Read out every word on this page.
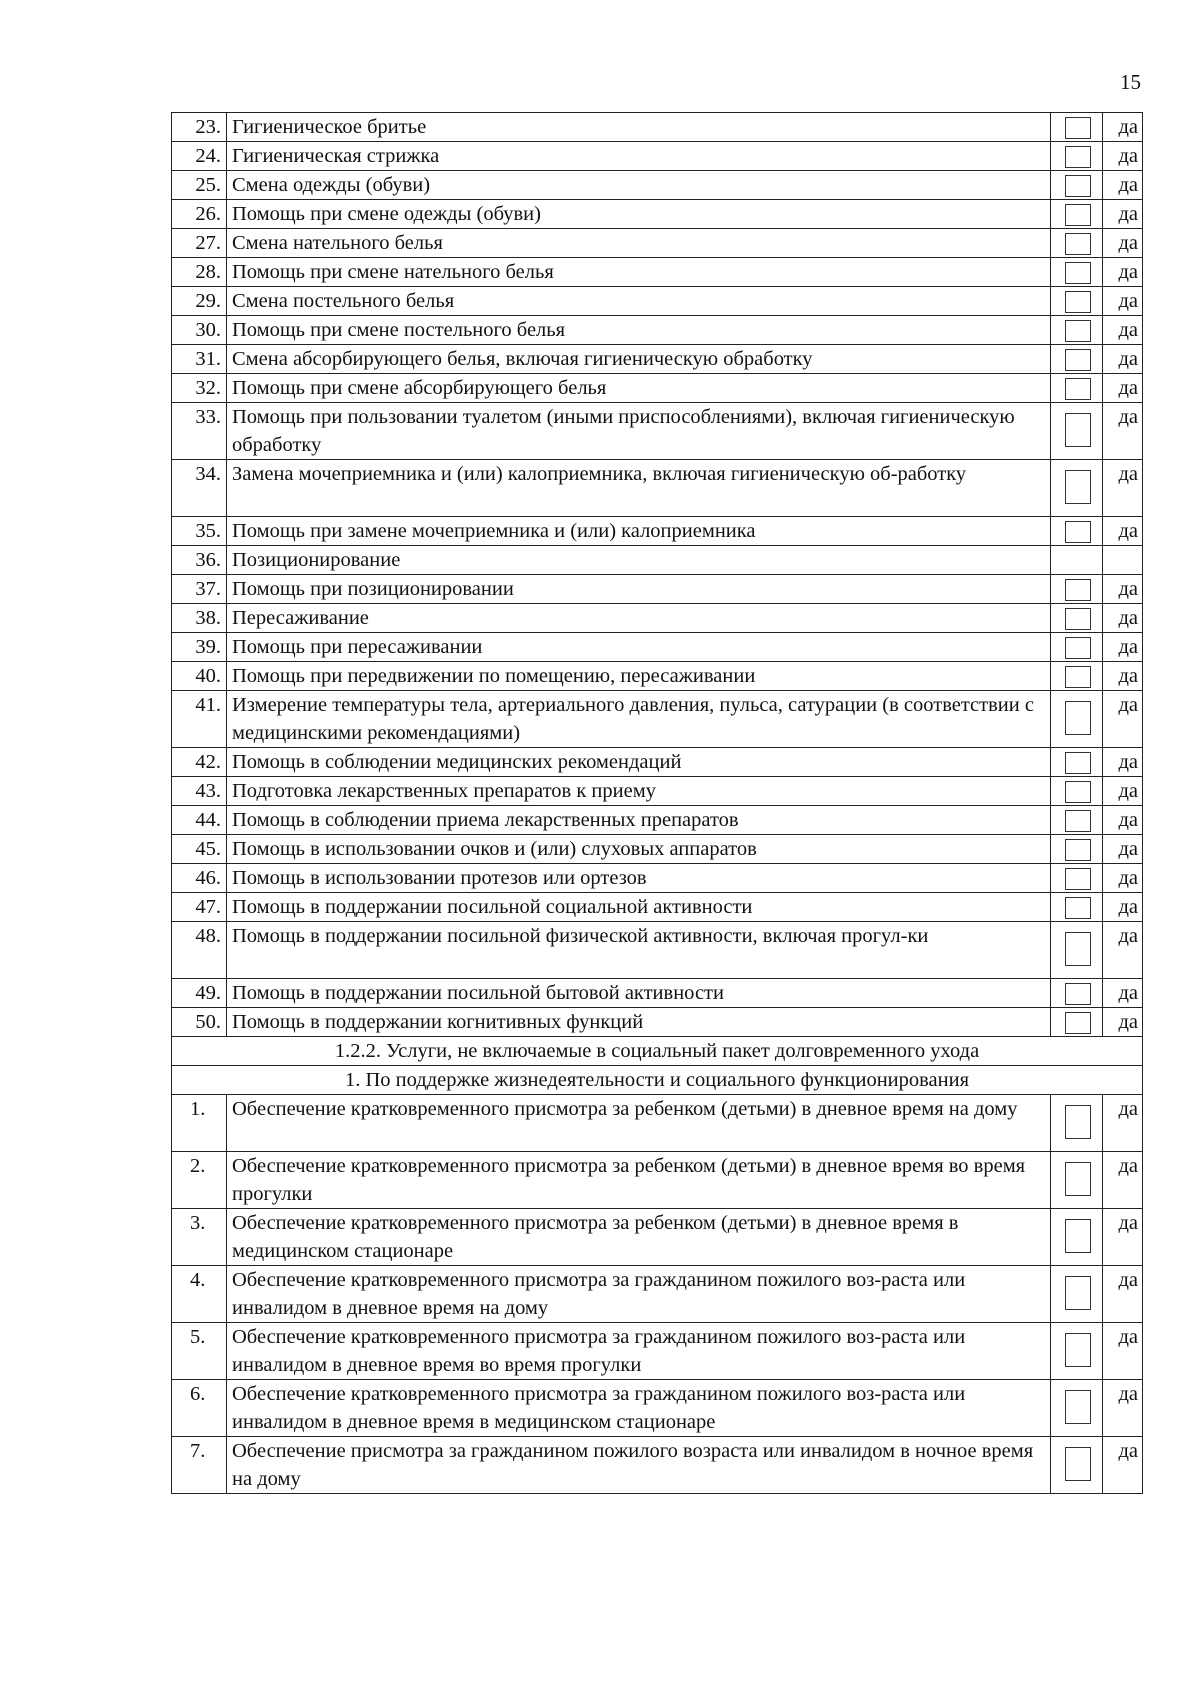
15
23.	Гигиеническое бритье		да
24.	Гигиеническая стрижка		да
25.	Смена одежды (обуви)		да
26.	Помощь при смене одежды (обуви)		да
27.	Смена нательного белья		да
28.	Помощь при смене нательного белья		да
29.	Смена постельного белья		да
30.	Помощь при смене постельного белья		да
31.	Смена абсорбирующего белья, включая гигиеническую обработку		да
32.	Помощь при смене абсорбирующего белья		да
33.	Помощь при пользовании туалетом (иными приспособлениями), включая гигиеническую обработку		да
34.	Замена мочеприемника и (или) калоприемника, включая гигиеническую об-работку		да
35.	Помощь при замене мочеприемника и (или) калоприемника		да
36.	Позиционирование		
37.	Помощь при позиционировании		да
38.	Пересаживание		да
39.	Помощь при пересаживании		да
40.	Помощь при передвижении по помещению, пересаживании		да
41.	Измерение температуры тела, артериального давления, пульса, сатурации (в соответствии с медицинскими рекомендациями)		да
42.	Помощь в соблюдении медицинских рекомендаций		да
43.	Подготовка лекарственных препаратов к приему		да
44.	Помощь в соблюдении приема лекарственных препаратов		да
45.	Помощь в использовании очков и (или) слуховых аппаратов		да
46.	Помощь в использовании протезов или ортезов		да
47.	Помощь в поддержании посильной социальной активности		да
48.	Помощь в поддержании посильной физической активности, включая прогул-ки		да
49.	Помощь в поддержании посильной бытовой активности		да
50.	Помощь в поддержании когнитивных функций		да
1.2.2. Услуги, не включаемые в социальный пакет долговременного ухода			
1. По поддержке жизнедеятельности и социального функционирования			
1.	Обеспечение кратковременного присмотра за ребенком (детьми) в дневное время на дому		да
2.	Обеспечение кратковременного присмотра за ребенком (детьми) в дневное время во время прогулки		да
3.	Обеспечение кратковременного присмотра за ребенком (детьми) в дневное время в медицинском стационаре		да
4.	Обеспечение кратковременного присмотра за гражданином пожилого воз-раста или инвалидом в дневное время на дому		да
5.	Обеспечение кратковременного присмотра за гражданином пожилого воз-раста или инвалидом в дневное время во время прогулки		да
6.	Обеспечение кратковременного присмотра за гражданином пожилого воз-раста или инвалидом в дневное время в медицинском стационаре		да
7.	Обеспечение присмотра за гражданином пожилого возраста или инвалидом в ночное время на дому		да
